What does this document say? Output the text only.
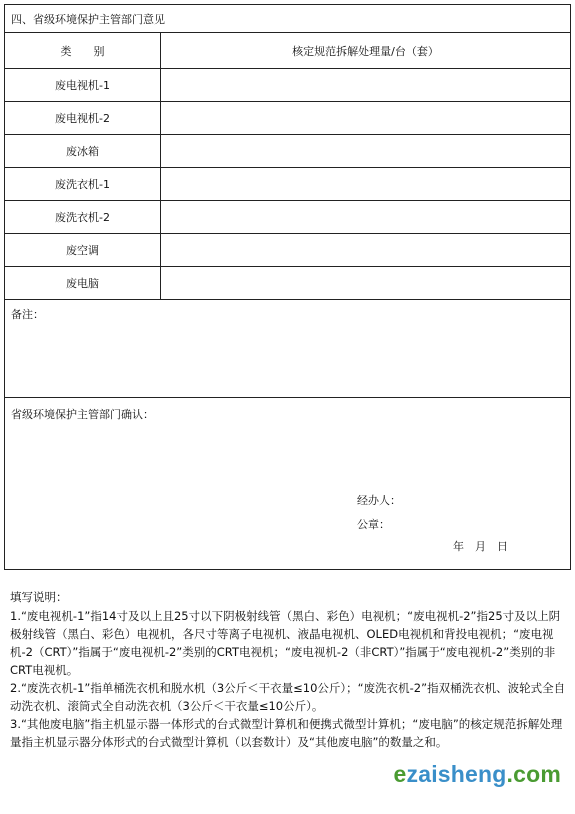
四、省级环境保护主管部门意见	
类　　别	核定规范拆解处理量/台（套）
废电视机-1	
废电视机-2	
废冰箱	
废洗衣机-1	
废洗衣机-2	
废空调	
废电脑	
备注：	
省级环境保护主管部门确认：
经办人：
公章：
年　月　日	

填写说明：

1.“废电视机-1”指14寸及以上且25寸以下阴极射线管（黑白、彩色）电视机；“废电视机-2”指25寸及以上阴极射线管（黑白、彩色）电视机，各尺寸等离子电视机、液晶电视机、OLED电视机和背投电视机；“废电视机-2（CRT）”指属于“废电视机-2”类别的CRT电视机；“废电视机-2（非CRT）”指属于“废电视机-2”类别的非CRT电视机。

2.“废洗衣机-1”指单桶洗衣机和脱水机（3公斤＜干衣量≤10公斤）；“废洗衣机-2”指双桶洗衣机、波轮式全自动洗衣机、滚筒式全自动洗衣机（3公斤＜干衣量≤10公斤）。

3.“其他废电脑”指主机显示器一体形式的台式微型计算机和便携式微型计算机；“废电脑”的核定规范拆解处理量指主机显示器分体形式的台式微型计算机（以套数计）及“其他废电脑”的数量之和。

ezaisheng.com
